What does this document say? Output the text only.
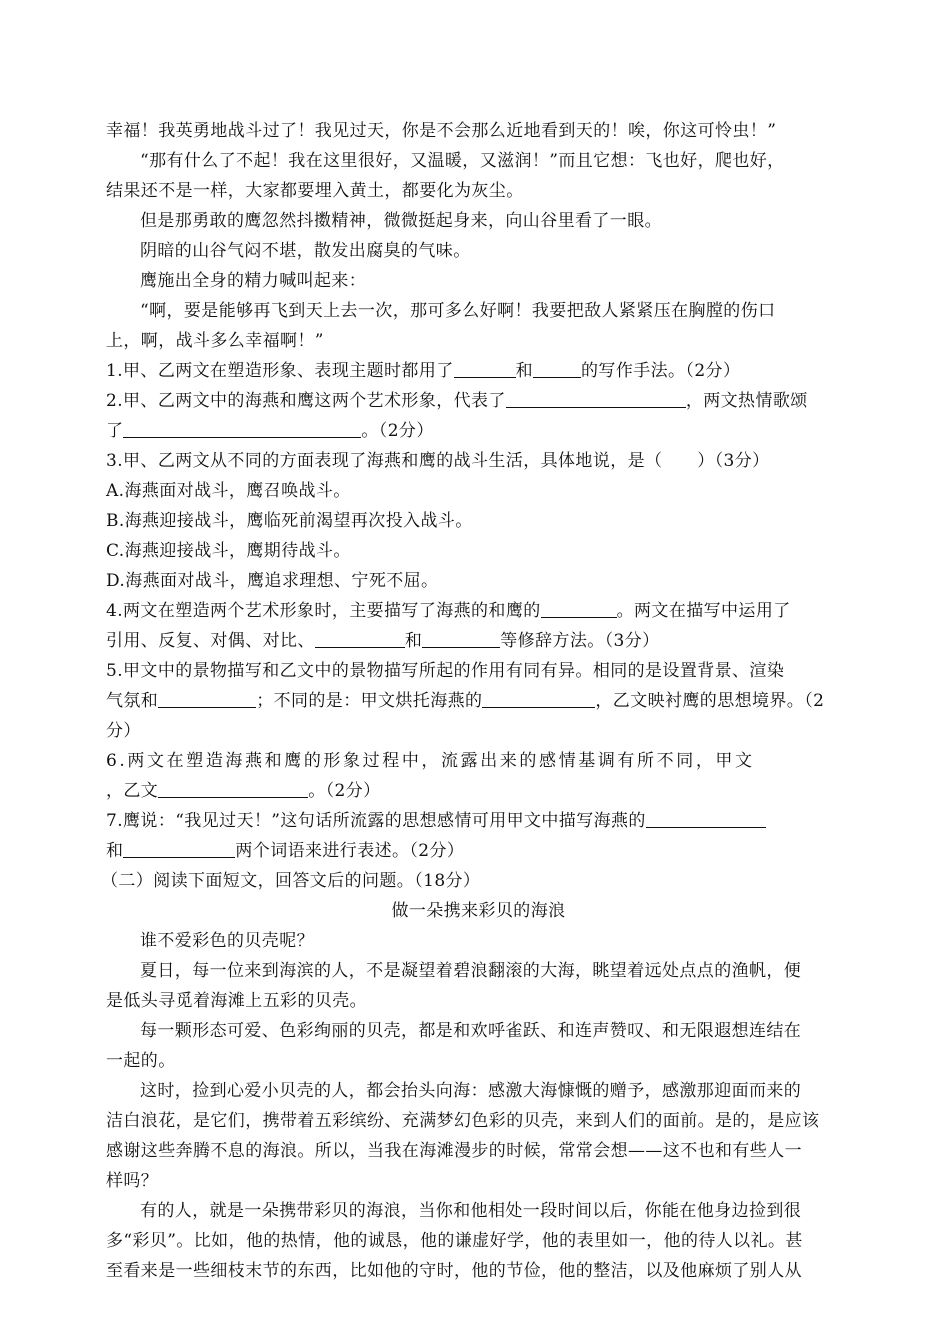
幸福！我英勇地战斗过了！我见过天，你是不会那么近地看到天的！唉，你这可怜虫！”
“那有什么了不起！我在这里很好，又温暖，又滋润！”而且它想：飞也好，爬也好，
结果还不是一样，大家都要埋入黄土，都要化为灰尘。
但是那勇敢的鹰忽然抖擞精神，微微挺起身来，向山谷里看了一眼。
阴暗的山谷气闷不堪，散发出腐臭的气味。
鹰施出全身的精力喊叫起来：
“啊，要是能够再飞到天上去一次，那可多么好啊！我要把敌人紧紧压在胸膛的伤口
上，啊，战斗多么幸福啊！”
1.甲、乙两文在塑造形象、表现主题时都用了	和	的写作手法。（2分）
2.甲、乙两文中的海燕和鹰这两个艺术形象，代表了	，两文热情歌颂
了	。（2分）
3.甲、乙两文从不同的方面表现了海燕和鹰的战斗生活，具体地说，是（　　）（3分）
A.海燕面对战斗，鹰召唤战斗。
B.海燕迎接战斗，鹰临死前渴望再次投入战斗。
C.海燕迎接战斗，鹰期待战斗。
D.海燕面对战斗，鹰追求理想、宁死不屈。
4.两文在塑造两个艺术形象时，主要描写了海燕的和鹰的	。两文在描写中运用了
引用、反复、对偶、对比、	和	等修辞方法。（3分）
5.甲文中的景物描写和乙文中的景物描写所起的作用有同有异。相同的是设置背景、渲染
气氛和	；不同的是：甲文烘托海燕的	，乙文映衬鹰的思想境界。（2
分）
6.两文在塑造海燕和鹰的形象过程中，流露出来的感情基调有所不同，甲文
，乙文	。（2分）
7.鹰说：“我见过天！”这句话所流露的思想感情可用甲文中描写海燕的
和	两个词语来进行表述。（2分）
（二）阅读下面短文，回答文后的问题。（18分）
做一朵携来彩贝的海浪
谁不爱彩色的贝壳呢？
夏日，每一位来到海滨的人，不是凝望着碧浪翻滚的大海，眺望着远处点点的渔帆，便
是低头寻觅着海滩上五彩的贝壳。
每一颗形态可爱、色彩绚丽的贝壳，都是和欢呼雀跃、和连声赞叹、和无限遐想连结在
一起的。
这时，捡到心爱小贝壳的人，都会抬头向海：感激大海慷慨的赠予，感激那迎面而来的
洁白浪花，是它们，携带着五彩缤纷、充满梦幻色彩的贝壳，来到人们的面前。是的，是应该
感谢这些奔腾不息的海浪。所以，当我在海滩漫步的时候，常常会想——这不也和有些人一
样吗？
有的人，就是一朵携带彩贝的海浪，当你和他相处一段时间以后，你能在他身边捡到很
多“彩贝”。比如，他的热情，他的诚恳，他的谦虚好学，他的表里如一，他的待人以礼。甚
至看来是一些细枝末节的东西，比如他的守时，他的节俭，他的整洁，以及他麻烦了别人从
